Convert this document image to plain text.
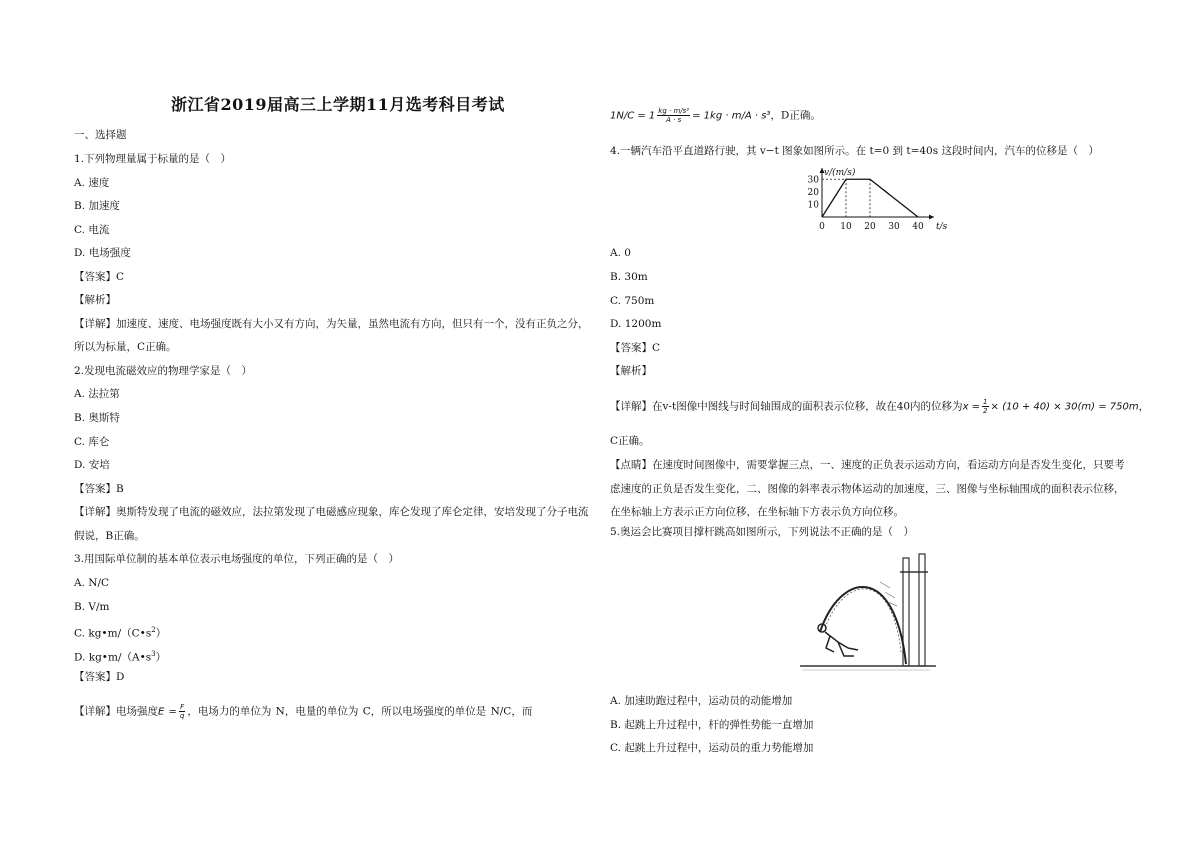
浙江省2019届高三上学期11月选考科目考试
一、选择题
1.下列物理量属于标量的是（　）
A. 速度
B. 加速度
C. 电流
D. 电场强度
【答案】C
【解析】
【详解】加速度、速度、电场强度既有大小又有方向，为矢量，虽然电流有方向，但只有一个，没有正负之分，
所以为标量，C正确。
2.发现电流磁效应的物理学家是（　）
A. 法拉第
B. 奥斯特
C. 库仑
D. 安培
【答案】B
【详解】奥斯特发现了电流的磁效应，法拉第发现了电磁感应现象，库仑发现了库仑定律，安培发现了分子电流
假说，B正确。
3.用国际单位制的基本单位表示电场强度的单位，下列正确的是（　）
A. N/C
B. V/m
C. $kg•m/(C•s^2)$
D. $kg•m/(A•s^3)$
【答案】D
【详解】电场强度$E = \frac{F}{q}$ ，电场力的单位为 N，电量的单位为 C，所以电场强度的单位是 N/C，而
$1N/C = 1 \frac{\text{kg · m/s²}}{A \cdot s} = 1kg \cdot m/A \cdot s^3$，D正确。
4.一辆汽车沿平直道路行驶，其 v−t 图象如图所示。在 t=0 到 t=40s 这段时间内，汽车的位移是（　）
10
20
30
0 10 20 30 40
v/(m/s)
t/s
A. 0
B. 30m
C. 750m
D. 1200m
【答案】C
【解析】
【详解】在v-t图像中图线与时间轴围成的面积表示位移，故在40内的位移为$x = \frac{1}{2} \times (10 + 40) \times 30(m) = 750m$，
C正确。
【点睛】在速度时间图像中，需要掌握三点，一、速度的正负表示运动方向，看运动方向是否发生变化，只要考
虑速度的正负是否发生变化，二、图像的斜率表示物体运动的加速度，三、图像与坐标轴围成的面积表示位移，
在坐标轴上方表示正方向位移，在坐标轴下方表示负方向位移。
5.奥运会比赛项目撑杆跳高如图所示，下列说法不正确的是（　）
A. 加速助跑过程中，运动员的动能增加
B. 起跳上升过程中，杆的弹性势能一直增加
C. 起跳上升过程中，运动员的重力势能增加
